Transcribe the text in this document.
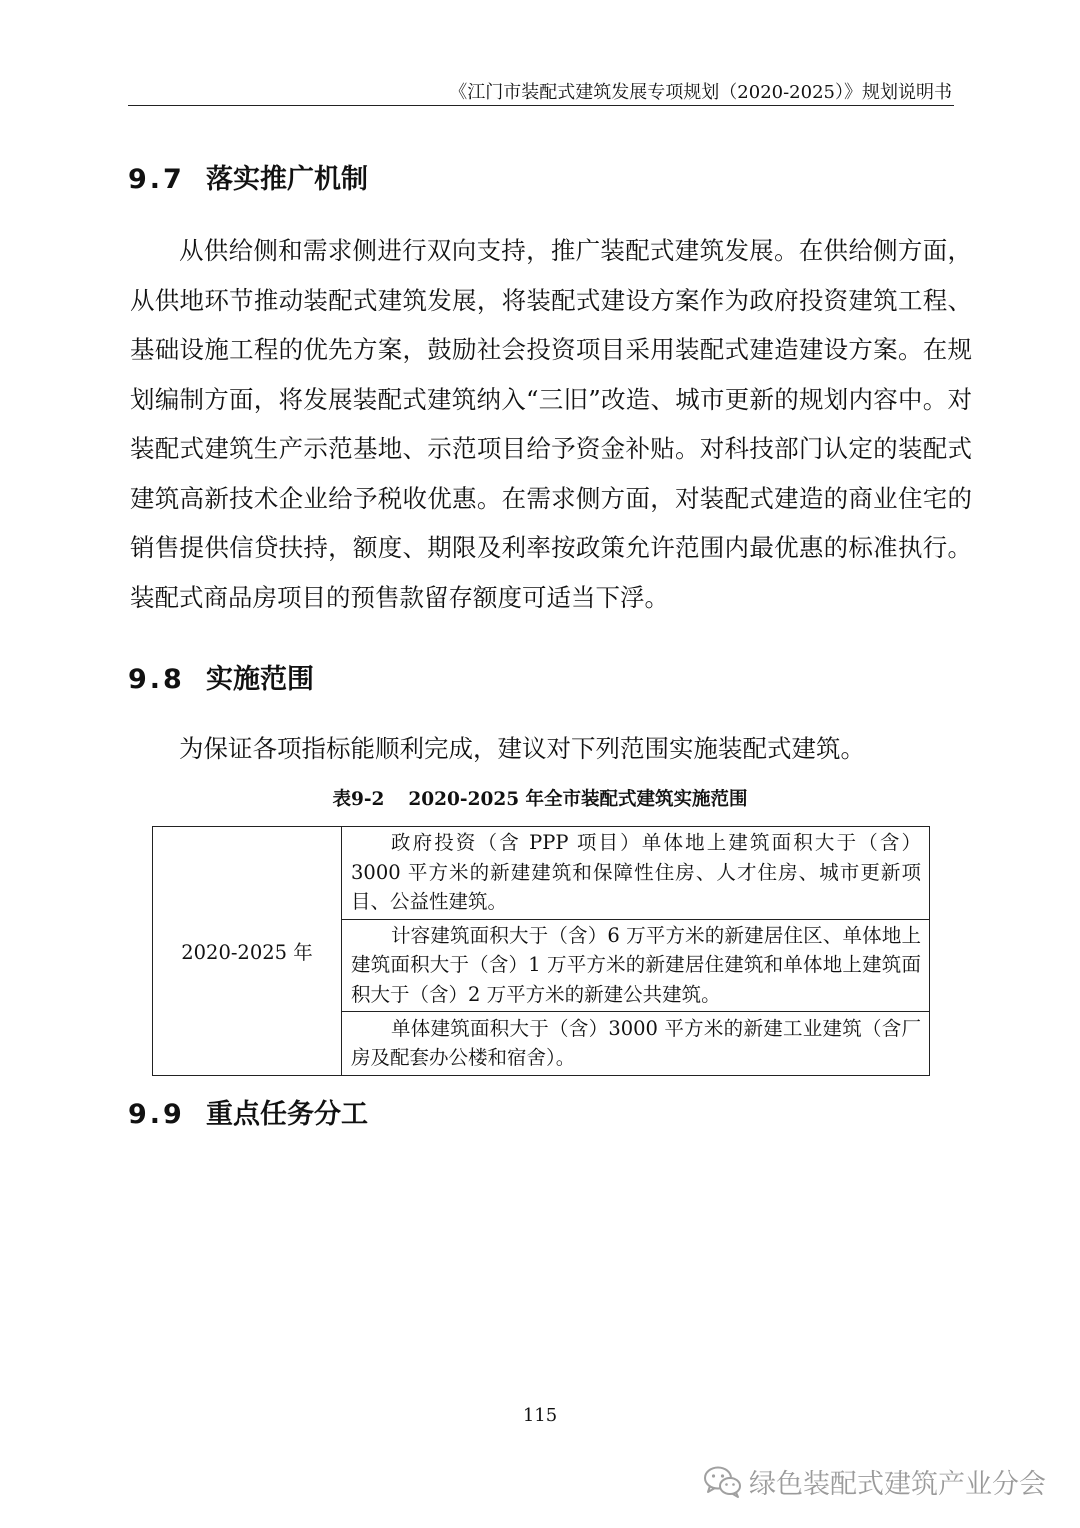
《江门市装配式建筑发展专项规划（2020-2025）》规划说明书
9.7 落实推广机制

从供给侧和需求侧进行双向支持，推广装配式建筑发展。在供给侧方面，从供地环节推动装配式建筑发展，将装配式建设方案作为政府投资建筑工程、基础设施工程的优先方案，鼓励社会投资项目采用装配式建造建设方案。在规划编制方面，将发展装配式建筑纳入“三旧”改造、城市更新的规划内容中。对装配式建筑生产示范基地、示范项目给予资金补贴。对科技部门认定的装配式建筑高新技术企业给予税收优惠。在需求侧方面，对装配式建造的商业住宅的销售提供信贷扶持，额度、期限及利率按政策允许范围内最优惠的标准执行。装配式商品房项目的预售款留存额度可适当下浮。

9.8 实施范围

为保证各项指标能顺利完成，建议对下列范围实施装配式建筑。

表9-2 2020-2025 年全市装配式建筑实施范围
2020-2025 年	政府投资（含 PPP 项目）单体地上建筑面积大于（含）3000 平方米的新建建筑和保障性住房、人才住房、城市更新项目、公益性建筑。
计容建筑面积大于（含）6 万平方米的新建居住区、单体地上建筑面积大于（含）1 万平方米的新建居住建筑和单体地上建筑面积大于（含）2 万平方米的新建公共建筑。
单体建筑面积大于（含）3000 平方米的新建工业建筑（含厂房及配套办公楼和宿舍）。
9.9 重点任务分工
115
绿色装配式建筑产业分会
